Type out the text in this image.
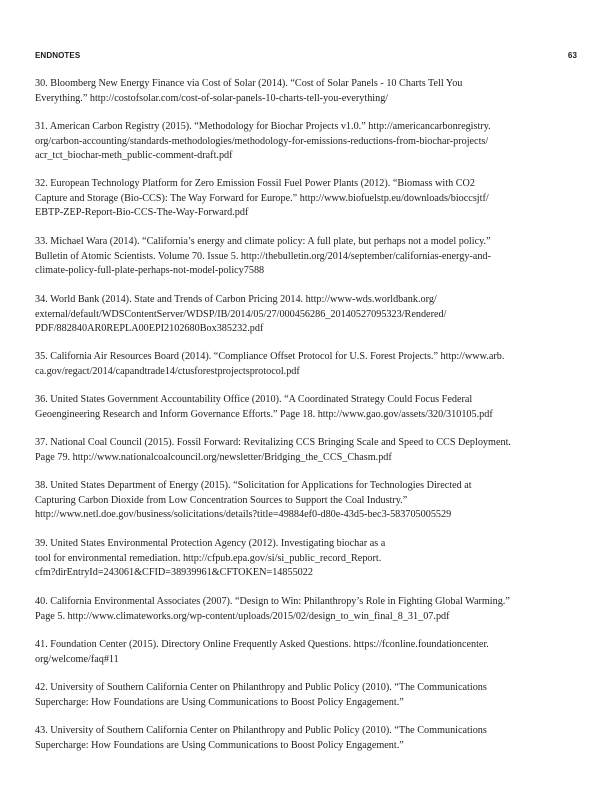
ENDNOTES	63
30. Bloomberg New Energy Finance via Cost of Solar (2014). “Cost of Solar Panels - 10 Charts Tell You
Everything.” http://costofsolar.com/cost-of-solar-panels-10-charts-tell-you-everything/
31. American Carbon Registry (2015). “Methodology for Biochar Projects v1.0.” http://americancarbonregistry.
org/carbon-accounting/standards-methodologies/methodology-for-emissions-reductions-from-biochar-projects/
acr_tct_biochar-meth_public-comment-draft.pdf
32. European Technology Platform for Zero Emission Fossil Fuel Power Plants (2012). “Biomass with CO2
Capture and Storage (Bio-CCS): The Way Forward for Europe.” http://www.biofuelstp.eu/downloads/bioccsjtf/
EBTP-ZEP-Report-Bio-CCS-The-Way-Forward.pdf
33. Michael Wara (2014). “California’s energy and climate policy: A full plate, but perhaps not a model policy.”
Bulletin of Atomic Scientists. Volume 70. Issue 5. http://thebulletin.org/2014/september/californias-energy-and-
climate-policy-full-plate-perhaps-not-model-policy7588
34. World Bank (2014). State and Trends of Carbon Pricing 2014. http://www-wds.worldbank.org/
external/default/WDSContentServer/WDSP/IB/2014/05/27/000456286_20140527095323/Rendered/
PDF/882840AR0REPLA00EPI2102680Box385232.pdf
35. California Air Resources Board (2014). “Compliance Offset Protocol for U.S. Forest Projects.” http://www.arb.
ca.gov/regact/2014/capandtrade14/ctusforestprojectsprotocol.pdf
36. United States Government Accountability Office (2010). “A Coordinated Strategy Could Focus Federal
Geoengineering Research and Inform Governance Efforts.” Page 18. http://www.gao.gov/assets/320/310105.pdf
37. National Coal Council (2015). Fossil Forward: Revitalizing CCS Bringing Scale and Speed to CCS Deployment.
Page 79. http://www.nationalcoalcouncil.org/newsletter/Bridging_the_CCS_Chasm.pdf
38. United States Department of Energy (2015). “Solicitation for Applications for Technologies Directed at
Capturing Carbon Dioxide from Low Concentration Sources to Support the Coal Industry.”
http://www.netl.doe.gov/business/solicitations/details?title=49884ef0-d80e-43d5-bec3-583705005529
39. United States Environmental Protection Agency (2012). Investigating biochar as a
tool for environmental remediation. http://cfpub.epa.gov/si/si_public_record_Report.
cfm?dirEntryId=243061&CFID=38939961&CFTOKEN=14855022
40. California Environmental Associates (2007). “Design to Win: Philanthropy’s Role in Fighting Global Warming.”
Page 5. http://www.climateworks.org/wp-content/uploads/2015/02/design_to_win_final_8_31_07.pdf
41. Foundation Center (2015). Directory Online Frequently Asked Questions. https://fconline.foundationcenter.
org/welcome/faq#11
42. University of Southern California Center on Philanthropy and Public Policy (2010). “The Communications
Supercharge: How Foundations are Using Communications to Boost Policy Engagement.”
43. University of Southern California Center on Philanthropy and Public Policy (2010). “The Communications
Supercharge: How Foundations are Using Communications to Boost Policy Engagement.”
